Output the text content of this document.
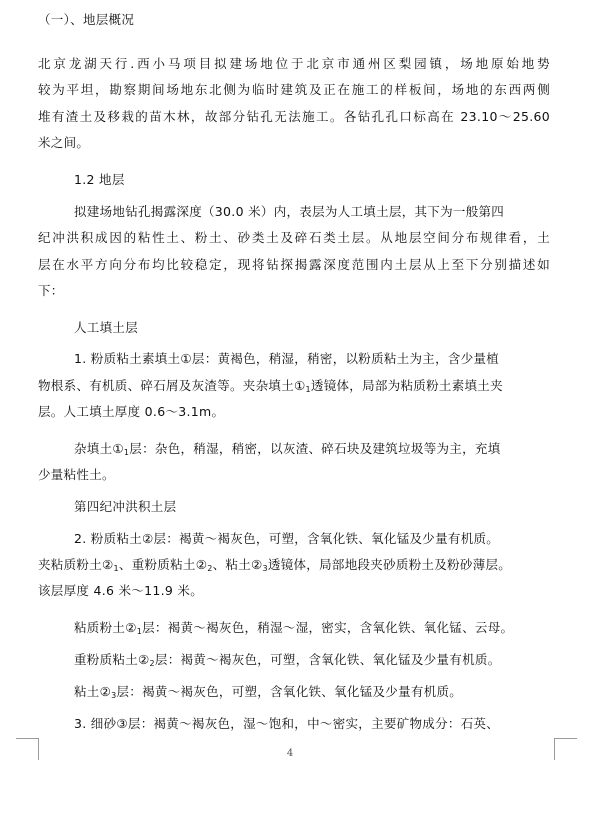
（一）、地层概况
北京龙湖天行.西小马项目拟建场地位于北京市通州区梨园镇，场地原始地势
较为平坦，勘察期间场地东北侧为临时建筑及正在施工的样板间，场地的东西两侧
堆有渣土及移栽的苗木林，故部分钻孔无法施工。各钻孔孔口标高在 23.10～25.60
米之间。
1.2 地层
拟建场地钻孔揭露深度（30.0 米）内，表层为人工填土层，其下为一般第四
纪冲洪积成因的粘性土、粉土、砂类土及碎石类土层。从地层空间分布规律看，土
层在水平方向分布均比较稳定，现将钻探揭露深度范围内土层从上至下分别描述如
下：
人工填土层
1. 粉质粘土素填土①层：黄褐色，稍湿，稍密，以粉质粘土为主，含少量植
物根系、有机质、碎石屑及灰渣等。夹杂填土$①_1$透镜体，局部为粘质粉土素填土夹
层。人工填土厚度 0.6～3.1m。
杂填土$①_1$层：杂色，稍湿，稍密，以灰渣、碎石块及建筑垃圾等为主，充填
少量粘性土。
第四纪冲洪积土层
2. 粉质粘土②层：褐黄～褐灰色，可塑，含氧化铁、氧化锰及少量有机质。
夹粘质粉土$②_1$、重粉质粘土$②_2$、粘土$②_3$透镜体，局部地段夹砂质粉土及粉砂薄层。
该层厚度 4.6 米～11.9 米。
粘质粉土$②_1$层：褐黄～褐灰色，稍湿～湿，密实，含氧化铁、氧化锰、云母。
重粉质粘土$②_2$层：褐黄～褐灰色，可塑，含氧化铁、氧化锰及少量有机质。
粘土$②_3$层：褐黄～褐灰色，可塑，含氧化铁、氧化锰及少量有机质。
3. 细砂③层：褐黄～褐灰色，湿～饱和，中～密实，主要矿物成分：石英、
4
